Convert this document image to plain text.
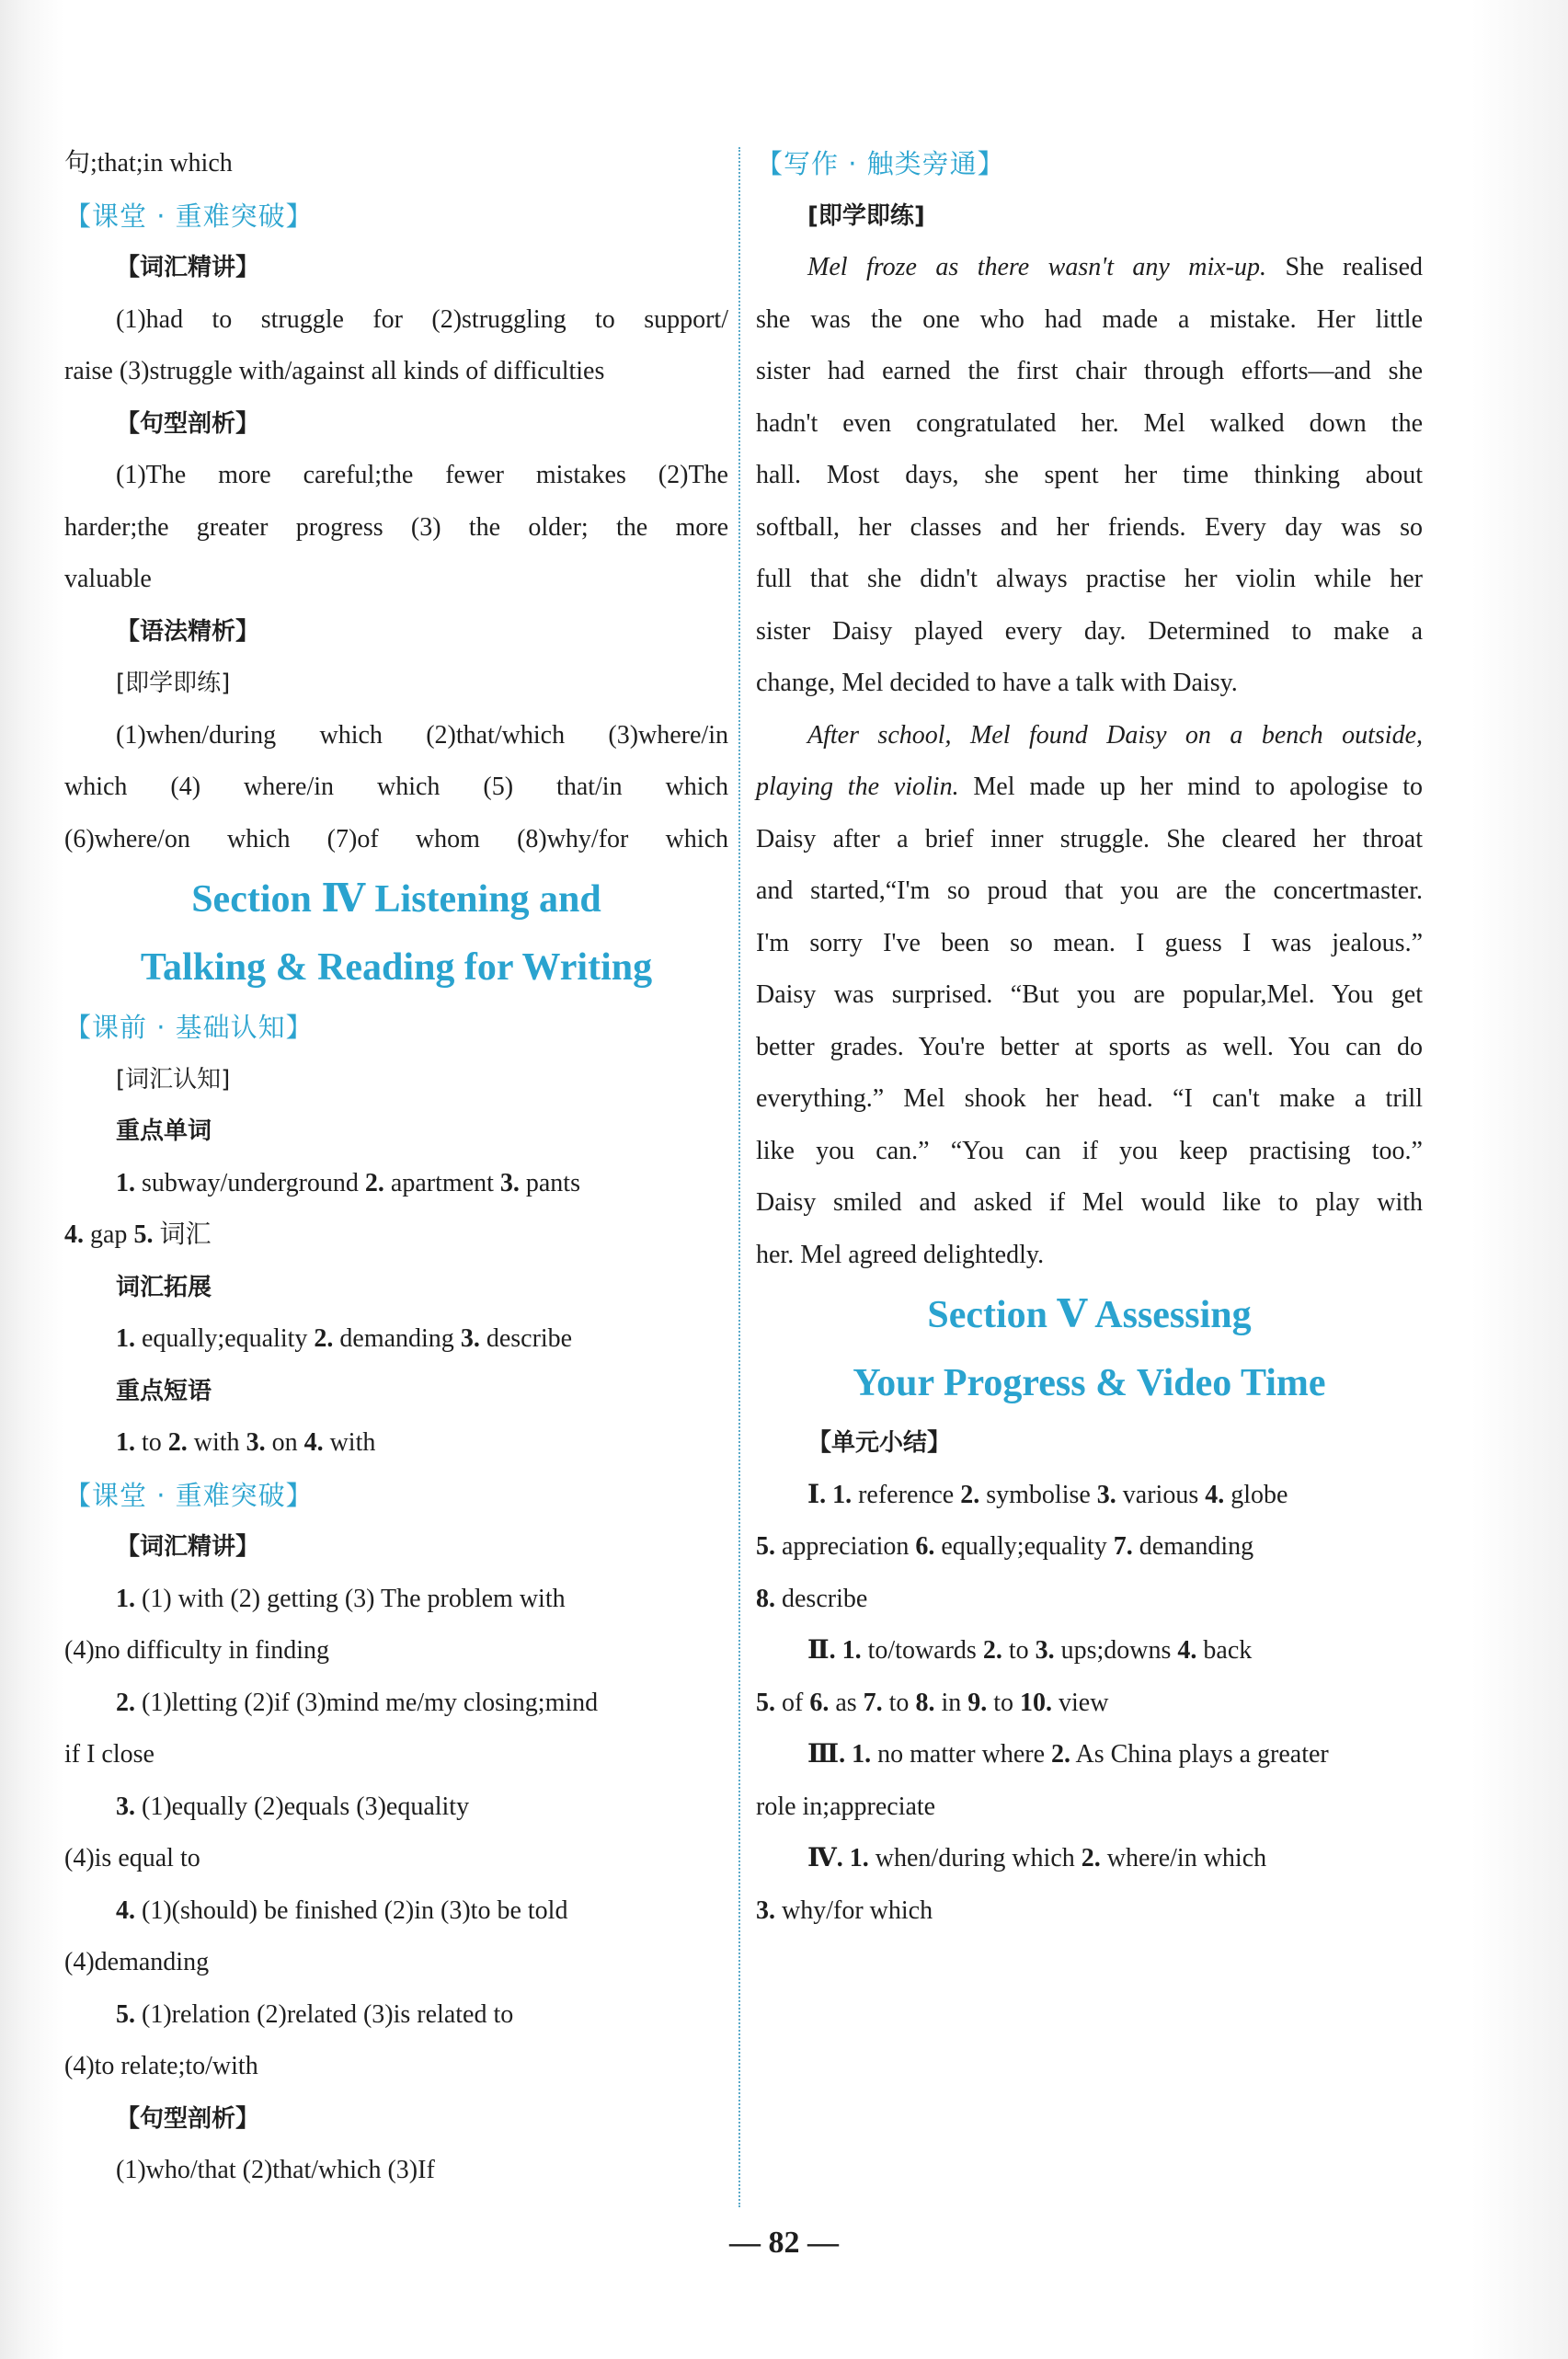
句;that;in which
【课堂 · 重难突破】
【词汇精讲】
(1)had to struggle for (2)struggling to support/
raise (3)struggle with/against all kinds of difficulties
【句型剖析】
(1)The more careful;the fewer mistakes (2)The
harder;the greater progress (3) the older; the more
valuable
【语法精析】
[即学即练]
(1)when/during which (2)that/which (3)where/in
which (4) where/in which (5) that/in which
(6)where/on which (7)of whom (8)why/for which
Section Ⅳ Listening and
Talking & Reading for Writing
【课前 · 基础认知】
[词汇认知]
重点单词
1. subway/underground 2. apartment 3. pants
4. gap 5. 词汇
词汇拓展
1. equally;equality 2. demanding 3. describe
重点短语
1. to 2. with 3. on 4. with
【课堂 · 重难突破】
【词汇精讲】
1. (1) with (2) getting (3) The problem with
(4)no difficulty in finding
2. (1)letting (2)if (3)mind me/my closing;mind
if I close
3. (1)equally (2)equals (3)equality
(4)is equal to
4. (1)(should) be finished (2)in (3)to be told
(4)demanding
5. (1)relation (2)related (3)is related to
(4)to relate;to/with
【句型剖析】
(1)who/that (2)that/which (3)If
【写作 · 触类旁通】
[即学即练]
Mel froze as there wasn't any mix-up. She realised
she was the one who had made a mistake. Her little
sister had earned the first chair through efforts—and she
hadn't even congratulated her. Mel walked down the
hall. Most days, she spent her time thinking about
softball, her classes and her friends. Every day was so
full that she didn't always practise her violin while her
sister Daisy played every day. Determined to make a
change, Mel decided to have a talk with Daisy.
After school, Mel found Daisy on a bench outside,
playing the violin. Mel made up her mind to apologise to
Daisy after a brief inner struggle. She cleared her throat
and started,“I'm so proud that you are the concertmaster.
I'm sorry I've been so mean. I guess I was jealous.”
Daisy was surprised. “But you are popular,Mel. You get
better grades. You're better at sports as well. You can do
everything.” Mel shook her head. “I can't make a trill
like you can.” “You can if you keep practising too.”
Daisy smiled and asked if Mel would like to play with
her. Mel agreed delightedly.
Section Ⅴ Assessing
Your Progress & Video Time
【单元小结】
Ⅰ. 1. reference 2. symbolise 3. various 4. globe
5. appreciation 6. equally;equality 7. demanding
8. describe
Ⅱ. 1. to/towards 2. to 3. ups;downs 4. back
5. of 6. as 7. to 8. in 9. to 10. view
Ⅲ. 1. no matter where 2. As China plays a greater
role in;appreciate
Ⅳ. 1. when/during which 2. where/in which
3. why/for which
— 82 —
